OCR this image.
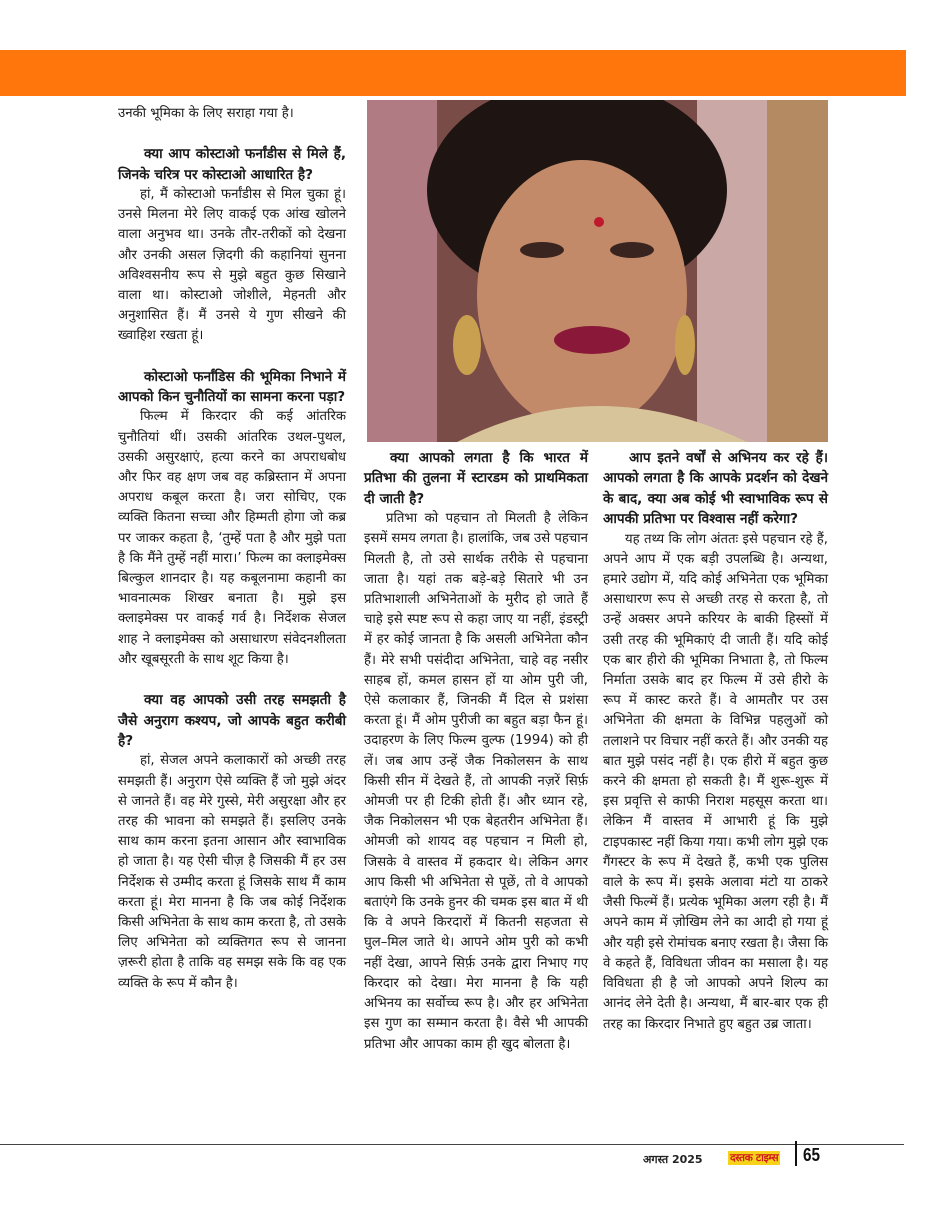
उनकी भूमिका के लिए सराहा गया है।

क्या आप कोस्टाओ फर्नांडीस से मिले हैं, जिनके चरित्र पर कोस्टाओ आधारित है?

हां, मैं कोस्टाओ फर्नांडीस से मिल चुका हूं। उनसे मिलना मेरे लिए वाकई एक आंख खोलने वाला अनुभव था। उनके तौर-तरीकों को देखना और उनकी असल ज़िदगी की कहानियां सुनना अविश्वसनीय रूप से मुझे बहुत कुछ सिखाने वाला था। कोस्टाओ जोशीले, मेहनती और अनुशासित हैं। मैं उनसे ये गुण सीखने की ख्वाहिश रखता हूं।

कोस्टाओ फर्नांडिस की भूमिका निभाने में आपको किन चुनौतियों का सामना करना पड़ा?

फिल्म में किरदार की कई आंतरिक चुनौतियां थीं। उसकी आंतरिक उथल-पुथल, उसकी असुरक्षाएं, हत्या करने का अपराधबोध और फिर वह क्षण जब वह कब्रिस्तान में अपना अपराध कबूल करता है। जरा सोचिए, एक व्यक्ति कितना सच्चा और हिम्मती होगा जो कब्र पर जाकर कहता है, ‘तुम्हें पता है और मुझे पता है कि मैंने तुम्हें नहीं मारा।’ फिल्म का क्लाइमेक्स बिल्कुल शानदार है। यह कबूलनामा कहानी का भावनात्मक शिखर बनाता है। मुझे इस क्लाइमेक्स पर वाकई गर्व है। निर्देशक सेजल शाह ने क्लाइमेक्स को असाधारण संवेदनशीलता और खूबसूरती के साथ शूट किया है।

क्या वह आपको उसी तरह समझती है जैसे अनुराग कश्यप, जो आपके बहुत करीबी है?

हां, सेजल अपने कलाकारों को अच्छी तरह समझती हैं। अनुराग ऐसे व्यक्ति हैं जो मुझे अंदर से जानते हैं। वह मेरे गुस्से, मेरी असुरक्षा और हर तरह की भावना को समझते हैं। इसलिए उनके साथ काम करना इतना आसान और स्वाभाविक हो जाता है। यह ऐसी चीज़ है जिसकी मैं हर उस निर्देशक से उम्मीद करता हूं जिसके साथ मैं काम करता हूं। मेरा मानना है कि जब कोई निर्देशक किसी अभिनेता के साथ काम करता है, तो उसके लिए अभिनेता को व्यक्तिगत रूप से जानना ज़रूरी होता है ताकि वह समझ सके कि वह एक व्यक्ति के रूप में कौन है।

क्या आपको लगता है कि भारत में प्रतिभा की तुलना में स्टारडम को प्राथमिकता दी जाती है?

प्रतिभा को पहचान तो मिलती है लेकिन इसमें समय लगता है। हालांकि, जब उसे पहचान मिलती है, तो उसे सार्थक तरीके से पहचाना जाता है। यहां तक बड़े-बड़े सितारे भी उन प्रतिभाशाली अभिनेताओं के मुरीद हो जाते हैं चाहे इसे स्पष्ट रूप से कहा जाए या नहीं, इंडस्ट्री में हर कोई जानता है कि असली अभिनेता कौन हैं। मेरे सभी पसंदीदा अभिनेता, चाहे वह नसीर साहब हों, कमल हासन हों या ओम पुरी जी, ऐसे कलाकार हैं, जिनकी मैं दिल से प्रशंसा करता हूं। मैं ओम पुरीजी का बहुत बड़ा फैन हूं। उदाहरण के लिए फिल्म वुल्फ (1994) को ही लें। जब आप उन्हें जैक निकोलसन के साथ किसी सीन में देखते हैं, तो आपकी नज़रें सिर्फ़ ओमजी पर ही टिकी होती हैं। और ध्यान रहे, जैक निकोलसन भी एक बेहतरीन अभिनेता हैं। ओमजी को शायद वह पहचान न मिली हो, जिसके वे वास्तव में हकदार थे। लेकिन अगर आप किसी भी अभिनेता से पूछें, तो वे आपको बताएंगे कि उनके हुनर की चमक इस बात में थी कि वे अपने किरदारों में कितनी सहजता से घुल–मिल जाते थे। आपने ओम पुरी को कभी नहीं देखा, आपने सिर्फ़ उनके द्वारा निभाए गए किरदार को देखा। मेरा मानना है कि यही अभिनय का सर्वोच्च रूप है। और हर अभिनेता इस गुण का सम्मान करता है। वैसे भी आपकी प्रतिभा और आपका काम ही खुद बोलता है।

आप इतने वर्षों से अभिनय कर रहे हैं। आपको लगता है कि आपके प्रदर्शन को देखने के बाद, क्या अब कोई भी स्वाभाविक रूप से आपकी प्रतिभा पर विश्वास नहीं करेगा?

यह तथ्य कि लोग अंततः इसे पहचान रहे हैं, अपने आप में एक बड़ी उपलब्धि है। अन्यथा, हमारे उद्योग में, यदि कोई अभिनेता एक भूमिका असाधारण रूप से अच्छी तरह से करता है, तो उन्हें अक्सर अपने करियर के बाकी हिस्सों में उसी तरह की भूमिकाएं दी जाती हैं। यदि कोई एक बार हीरो की भूमिका निभाता है, तो फिल्म निर्माता उसके बाद हर फिल्म में उसे हीरो के रूप में कास्ट करते हैं। वे आमतौर पर उस अभिनेता की क्षमता के विभिन्न पहलुओं को तलाशने पर विचार नहीं करते हैं। और उनकी यह बात मुझे पसंद नहीं है। एक हीरो में बहुत कुछ करने की क्षमता हो सकती है। मैं शुरू-शुरू में इस प्रवृत्ति से काफी निराश महसूस करता था। लेकिन मैं वास्तव में आभारी हूं कि मुझे टाइपकास्ट नहीं किया गया। कभी लोग मुझे एक गैंगस्टर के रूप में देखते हैं, कभी एक पुलिस वाले के रूप में। इसके अलावा मंटो या ठाकरे जैसी फिल्में हैं। प्रत्येक भूमिका अलग रही है। मैं अपने काम में ज़ोखिम लेने का आदी हो गया हूं और यही इसे रोमांचक बनाए रखता है। जैसा कि वे कहते हैं, विविधता जीवन का मसाला है। यह विविधता ही है जो आपको अपने शिल्प का आनंद लेने देती है। अन्यथा, मैं बार-बार एक ही तरह का किरदार निभाते हुए बहुत उब्र जाता।

अगस्त 2025	दस्तक टाइम्स 65
